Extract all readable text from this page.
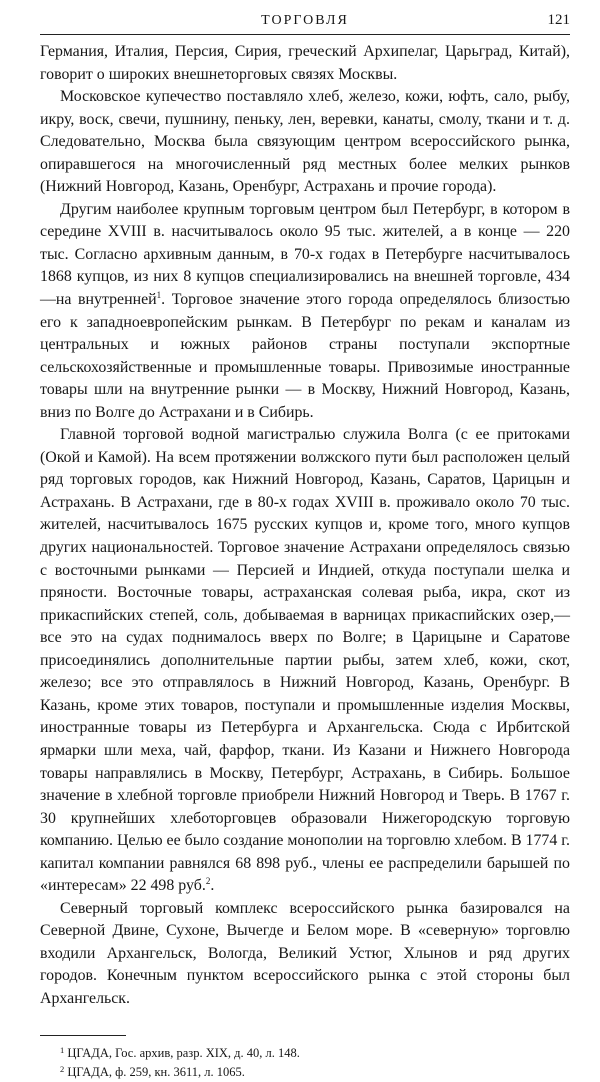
ТОРГОВЛЯ	121

Германия, Италия, Персия, Сирия, греческий Архипелаг, Царьград, Китай), говорит о широких внешнеторговых связях Москвы.

Московское купечество поставляло хлеб, железо, кожи, юфть, сало, рыбу, икру, воск, свечи, пушнину, пеньку, лен, веревки, канаты, смолу, ткани и т. д. Следовательно, Москва была связующим центром всероссийского рынка, опиравшегося на многочисленный ряд местных более мелких рынков (Нижний Новгород, Казань, Оренбург, Астрахань и прочие города).

Другим наиболее крупным торговым центром был Петербург, в котором в середине XVIII в. насчитывалось около 95 тыс. жителей, а в конце — 220 тыс. Согласно архивным данным, в 70-х годах в Петербурге насчитывалось 1868 купцов, из них 8 купцов специализировались на внешней торговле, 434—на внутренней$^1$. Торговое значение этого города определялось близостью его к западноевропейским рынкам. В Петербург по рекам и каналам из центральных и южных районов страны поступали экспортные сельскохозяйственные и промышленные товары. Привозимые иностранные товары шли на внутренние рынки — в Москву, Нижний Новгород, Казань, вниз по Волге до Астрахани и в Сибирь.

Главной торговой водной магистралью служила Волга (с ее притоками (Окой и Камой). На всем протяжении волжского пути был расположен целый ряд торговых городов, как Нижний Новгород, Казань, Саратов, Царицын и Астрахань. В Астрахани, где в 80-х годах XVIII в. проживало около 70 тыс. жителей, насчитывалось 1675 русских купцов и, кроме того, много купцов других национальностей. Торговое значение Астрахани определялось связью с восточными рынками — Персией и Индией, откуда поступали шелка и пряности. Восточные товары, астраханская солевая рыба, икра, скот из прикаспийских степей, соль, добываемая в варницах прикаспийских озер,— все это на судах поднималось вверх по Волге; в Царицыне и Саратове присоединялись дополнительные партии рыбы, затем хлеб, кожи, скот, железо; все это отправлялось в Нижний Новгород, Казань, Оренбург. В Казань, кроме этих товаров, поступали и промышленные изделия Москвы, иностранные товары из Петербурга и Архангельска. Сюда с Ирбитской ярмарки шли меха, чай, фарфор, ткани. Из Казани и Нижнего Новгорода товары направлялись в Москву, Петербург, Астрахань, в Сибирь. Большое значение в хлебной торговле приобрели Нижний Новгород и Тверь. В 1767 г. 30 крупнейших хлеботорговцев образовали Нижегородскую торговую компанию. Целью ее было создание монополии на торговлю хлебом. В 1774 г. капитал компании равнялся 68 898 руб., члены ее распределили барышей по «интересам» 22 498 руб.$^2$.

Северный торговый комплекс всероссийского рынка базировался на Северной Двине, Сухоне, Вычегде и Белом море. В «северную» торговлю входили Архангельск, Вологда, Великий Устюг, Хлынов и ряд других городов. Конечным пунктом всероссийского рынка с этой стороны был Архангельск.

$^1$ ЦГАДА, Гос. архив, разр. XIX, д. 40, л. 148.

$^2$ ЦГАДА, ф. 259, кн. 3611, л. 1065.
